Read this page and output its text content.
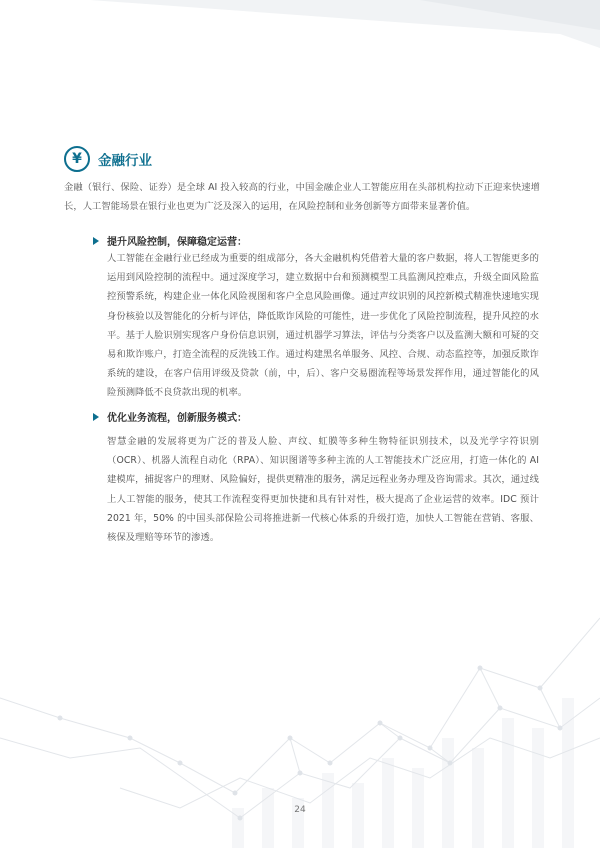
¥	金融行业

金融（银行、保险、证券）是全球 AI 投入较高的行业，中国金融企业人工智能应用在头部机构拉动下正迎来快速增长，人工智能场景在银行业也更为广泛及深入的运用，在风险控制和业务创新等方面带来显著价值。

提升风险控制，保障稳定运营：

人工智能在金融行业已经成为重要的组成部分，各大金融机构凭借着大量的客户数据，将人工智能更多的运用到风险控制的流程中。通过深度学习，建立数据中台和预测模型工具监测风控难点，升级全面风险监控预警系统，构建企业一体化风险视图和客户全息风险画像。通过声纹识别的风控新模式精准快速地实现身份核验以及智能化的分析与评估，降低欺诈风险的可能性，进一步优化了风险控制流程，提升风控的水平。基于人脸识别实现客户身份信息识别，通过机器学习算法，评估与分类客户以及监测大额和可疑的交易和欺诈账户，打造全流程的反洗钱工作。通过构建黑名单服务、风控、合规、动态监控等，加强反欺诈系统的建设，在客户信用评级及贷款（前，中，后）、客户交易圈流程等场景发挥作用，通过智能化的风险预测降低不良贷款出现的机率。

优化业务流程，创新服务模式：

智慧金融的发展将更为广泛的普及人脸、声纹、虹膜等多种生物特征识别技术，以及光学字符识别（OCR）、机器人流程自动化（RPA）、知识图谱等多种主流的人工智能技术广泛应用，打造一体化的 AI 建模库，捕捉客户的理财、风险偏好，提供更精准的服务，满足远程业务办理及咨询需求。其次，通过线上人工智能的服务，使其工作流程变得更加快捷和具有针对性，极大提高了企业运营的效率。IDC 预计 2021 年，50% 的中国头部保险公司将推进新一代核心体系的升级打造，加快人工智能在营销、客服、核保及理赔等环节的渗透。

24
